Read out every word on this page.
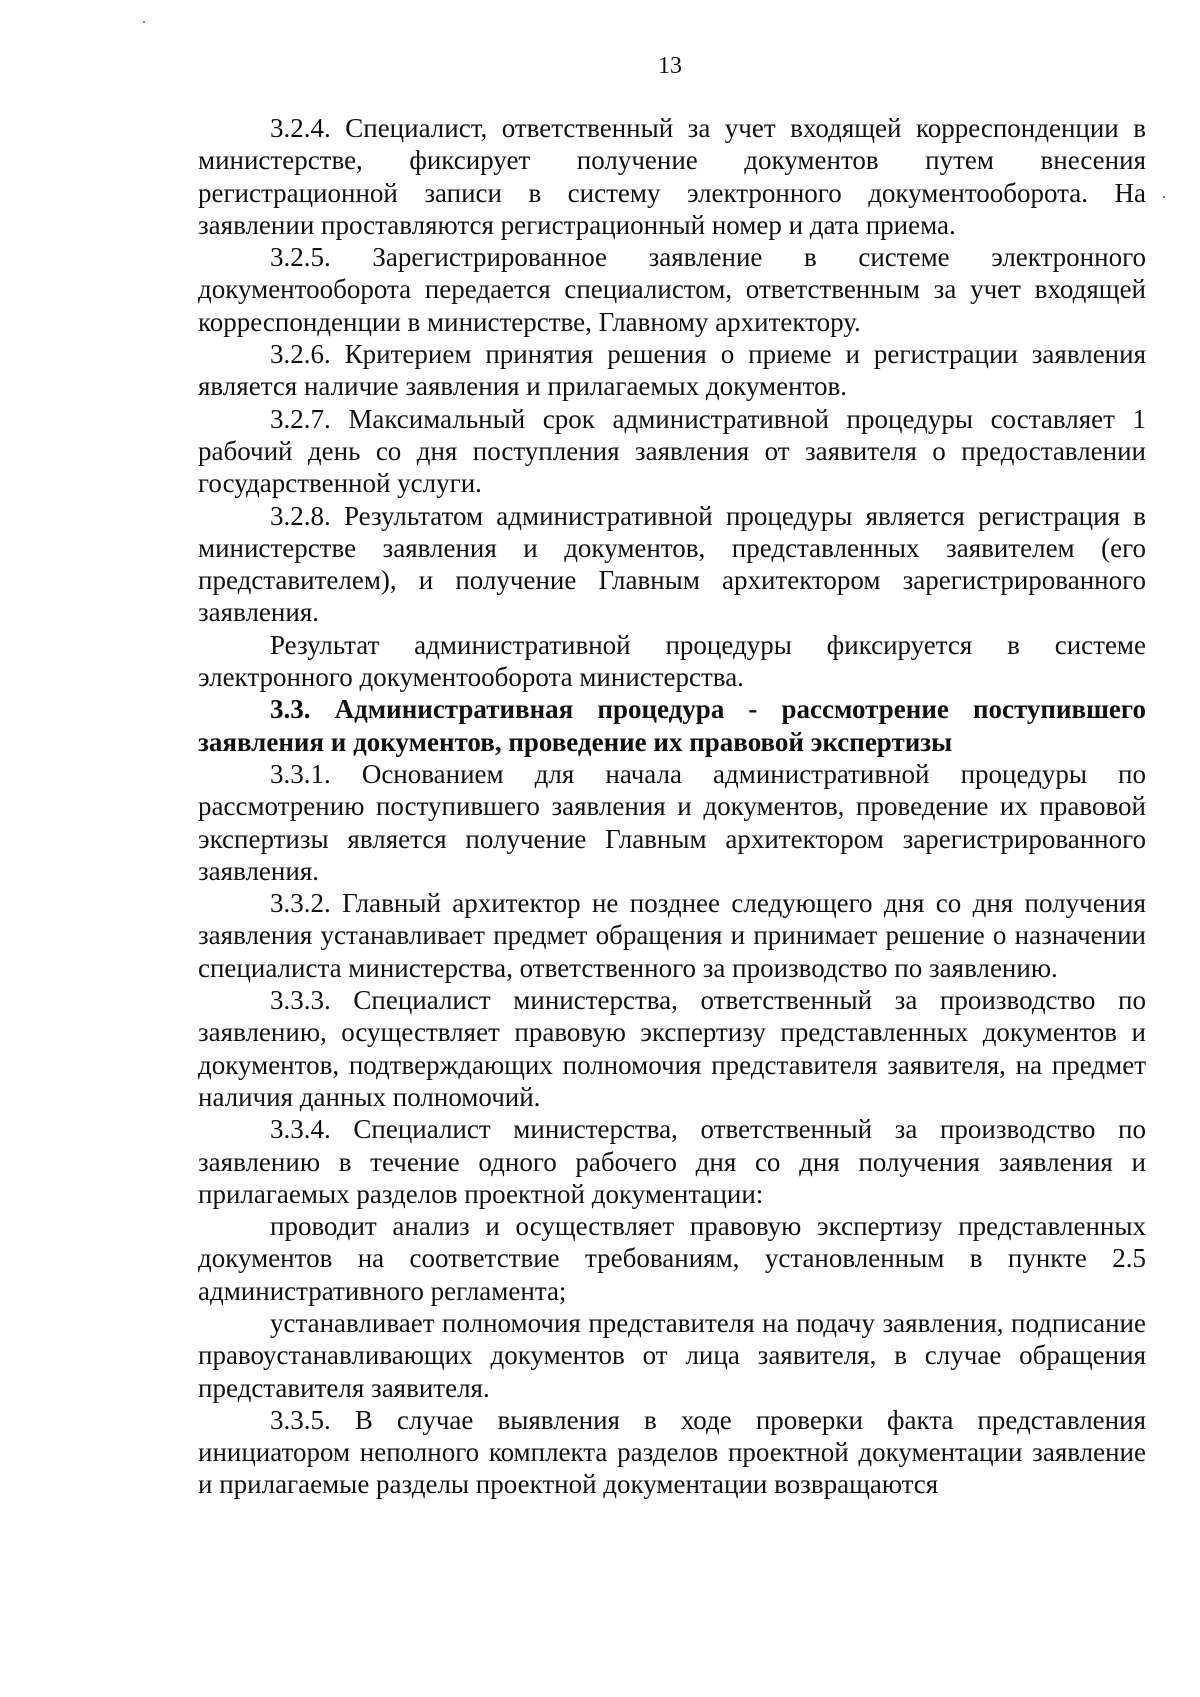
13

3.2.4. Специалист, ответственный за учет входящей корреспонденции в министерстве, фиксирует получение документов путем внесения регистрационной записи в систему электронного документооборота. На заявлении проставляются регистрационный номер и дата приема.

3.2.5. Зарегистрированное заявление в системе электронного документооборота передается специалистом, ответственным за учет входящей корреспонденции в министерстве, Главному архитектору.

3.2.6. Критерием принятия решения о приеме и регистрации заявления является наличие заявления и прилагаемых документов.

3.2.7. Максимальный срок административной процедуры составляет 1 рабочий день со дня поступления заявления от заявителя о предоставлении государственной услуги.

3.2.8. Результатом административной процедуры является регистрация в министерстве заявления и документов, представленных заявителем (его представителем), и получение Главным архитектором зарегистрированного заявления.

Результат административной процедуры фиксируется в системе электронного документооборота министерства.

3.3. Административная процедура - рассмотрение поступившего заявления и документов, проведение их правовой экспертизы

3.3.1. Основанием для начала административной процедуры по рассмотрению поступившего заявления и документов, проведение их правовой экспертизы является получение Главным архитектором зарегистрированного заявления.

3.3.2. Главный архитектор не позднее следующего дня со дня получения заявления устанавливает предмет обращения и принимает решение о назначении специалиста министерства, ответственного за производство по заявлению.

3.3.3. Специалист министерства, ответственный за производство по заявлению, осуществляет правовую экспертизу представленных документов и документов, подтверждающих полномочия представителя заявителя, на предмет наличия данных полномочий.

3.3.4. Специалист министерства, ответственный за производство по заявлению в течение одного рабочего дня со дня получения заявления и прилагаемых разделов проектной документации:

проводит анализ и осуществляет правовую экспертизу представленных документов на соответствие требованиям, установленным в пункте 2.5 административного регламента;

устанавливает полномочия представителя на подачу заявления, подписание правоустанавливающих документов от лица заявителя, в случае обращения представителя заявителя.

3.3.5. В случае выявления в ходе проверки факта представления инициатором неполного комплекта разделов проектной документации заявление и прилагаемые разделы проектной документации возвращаются
